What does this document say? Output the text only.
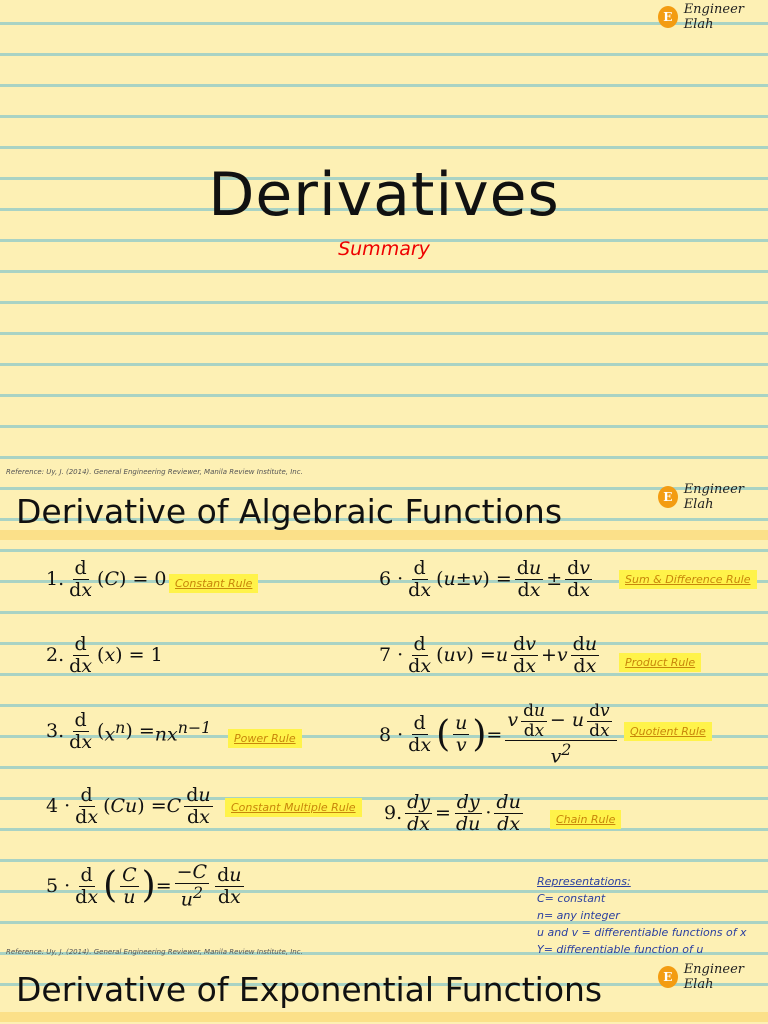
E Engineer Elah
Derivatives
Summary
Reference: Uy, J. (2014). General Engineering Reviewer, Manila Review Institute, Inc.
E Engineer Elah
Derivative of Algebraic Functions
1. $\frac{d}{dx}$ ( C ) = 0 Constant Rule
2. $\frac{d}{dx}$ ( x ) = 1
3. $\frac{d}{dx}$ ( $x^n$ ) = $nx^{n-1}$
Power Rule
$4 \cdot \frac{d}{dx}$ ( Cu ) = C $\frac{du}{dx}$	Constant Multiple Rule
$5 \cdot \frac{d}{dx}$ ( $\frac{C}{u}$ ) = $\frac{-C}{u^2} \frac{du}{dx}$
$6 \cdot \frac{d}{dx}$ ( u ± v ) = $\frac{du}{dx} \pm \frac{dv}{dx}$	Sum & Difference Rule
$7 \cdot \frac{d}{dx}$ ( uv ) = u $\frac{dv}{dx} + v \frac{du}{dx}$	Product Rule
$8 \cdot \frac{d}{dx}$ ( $\frac{u}{v}$ ) = $\frac{v \frac{du}{dx} - u \frac{dv}{dx}}{v^2}$	Quotient Rule
9. $\frac{dy}{dx} = \frac{dy}{du} \cdot \frac{du}{dx}$	Chain Rule
Representations:
C= constant
n= any integer
u and v = differentiable functions of x
Y= differentiable function of u
Reference: Uy, J. (2014). General Engineering Reviewer, Manila Review Institute, Inc.
E Engineer Elah
Derivative of Exponential Functions
